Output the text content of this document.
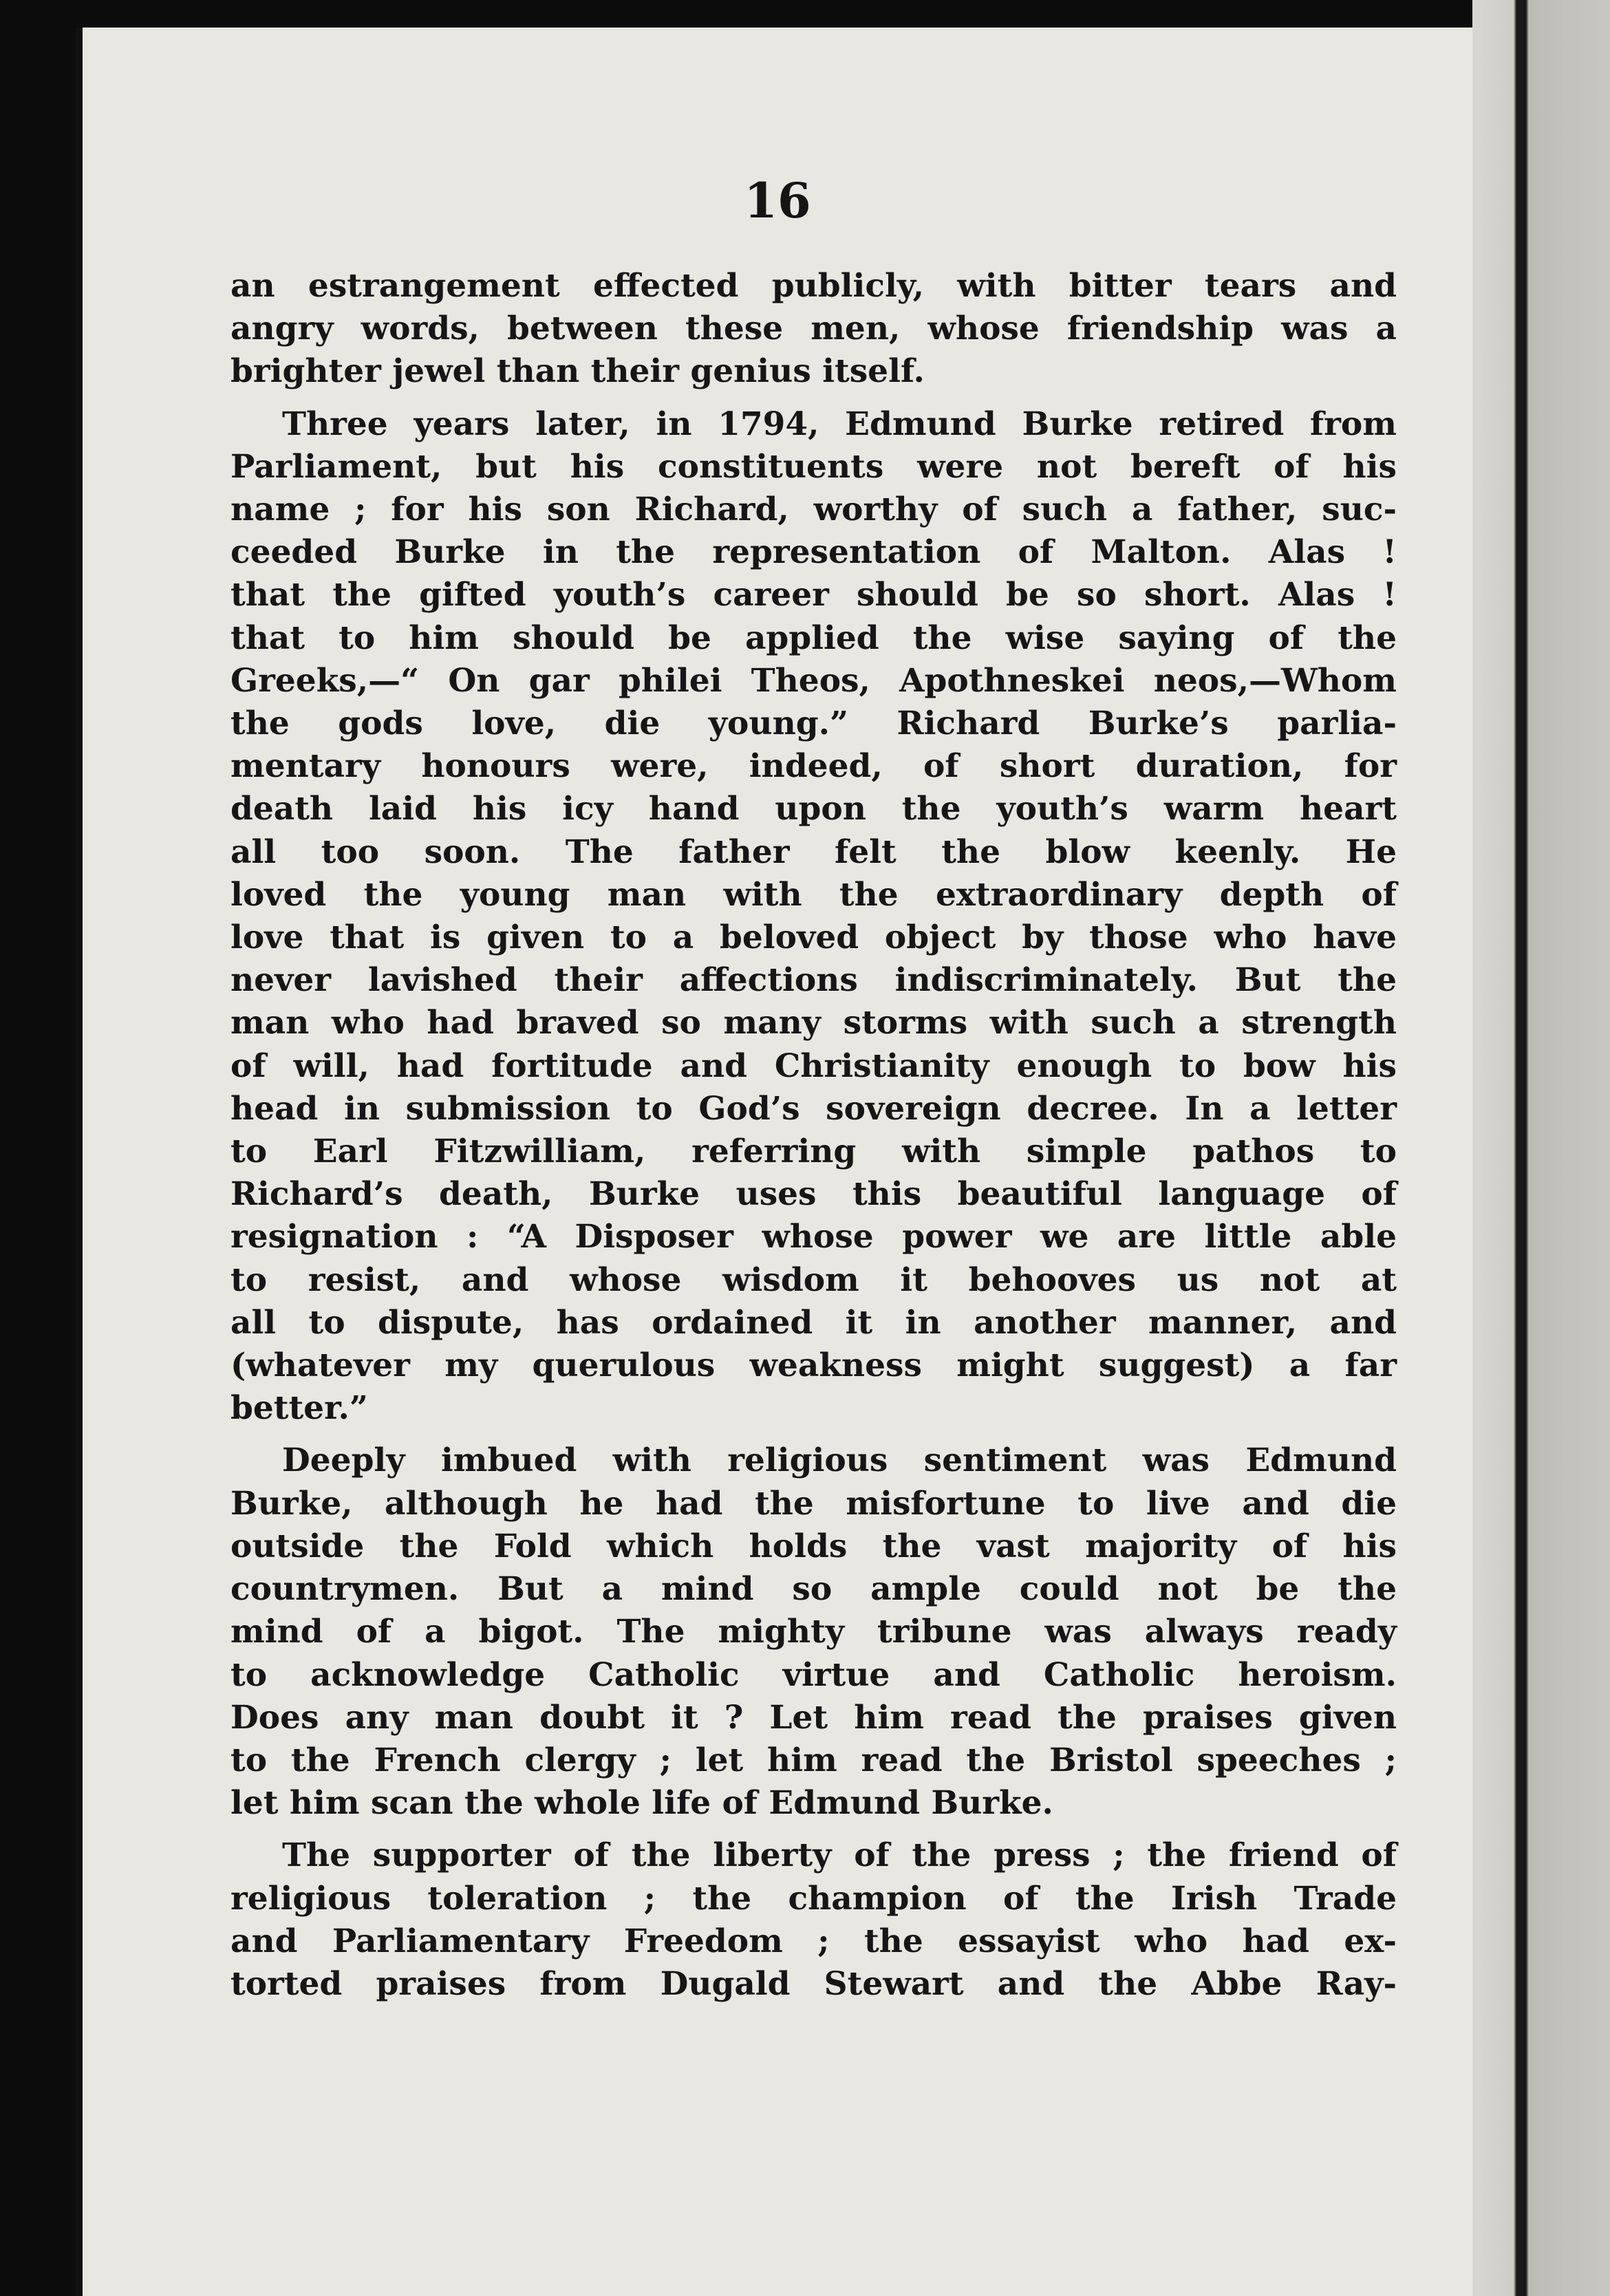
16

an estrangement effected publicly, with bitter tears and
angry words, between these men, whose friendship was a
brighter jewel than their genius itself.

Three years later, in 1794, Edmund Burke retired from
Parliament, but his constituents were not bereft of his
name ; for his son Richard, worthy of such a father, suc-
ceeded Burke in the representation of Malton. Alas !
that the gifted youth’s career should be so short. Alas !
that to him should be applied the wise saying of the
Greeks,—“ On gar philei Theos, Apothneskei neos,—Whom
the gods love, die young.” Richard Burke’s parlia-
mentary honours were, indeed, of short duration, for
death laid his icy hand upon the youth’s warm heart
all too soon. The father felt the blow keenly. He
loved the young man with the extraordinary depth of
love that is given to a beloved object by those who have
never lavished their affections indiscriminately. But the
man who had braved so many storms with such a strength
of will, had fortitude and Christianity enough to bow his
head in submission to God’s sovereign decree. In a letter
to Earl Fitzwilliam, referring with simple pathos to
Richard’s death, Burke uses this beautiful language of
resignation : “A Disposer whose power we are little able
to resist, and whose wisdom it behooves us not at
all to dispute, has ordained it in another manner, and
(whatever my querulous weakness might suggest) a far
better.”

Deeply imbued with religious sentiment was Edmund
Burke, although he had the misfortune to live and die
outside the Fold which holds the vast majority of his
countrymen. But a mind so ample could not be the
mind of a bigot. The mighty tribune was always ready
to acknowledge Catholic virtue and Catholic heroism.
Does any man doubt it ? Let him read the praises given
to the French clergy ; let him read the Bristol speeches ;
let him scan the whole life of Edmund Burke.

The supporter of the liberty of the press ; the friend of
religious toleration ; the champion of the Irish Trade
and Parliamentary Freedom ; the essayist who had ex-
torted praises from Dugald Stewart and the Abbe Ray-
